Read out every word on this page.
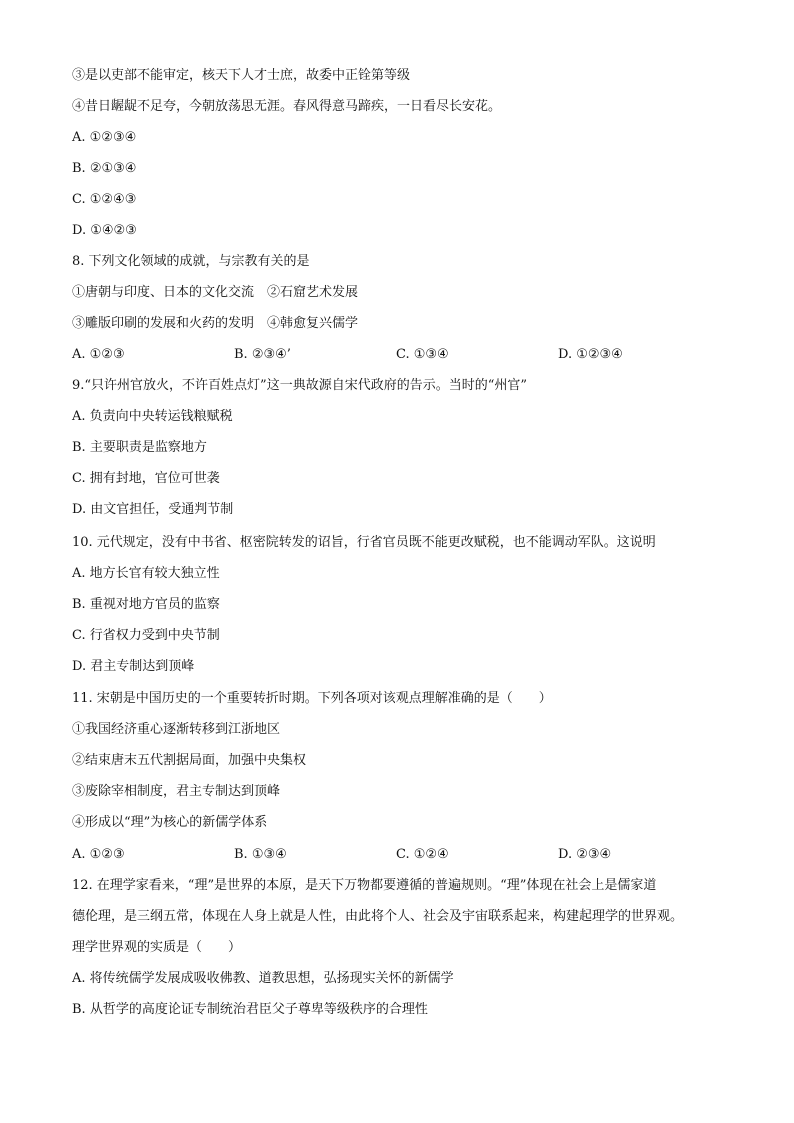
③是以吏部不能审定，核天下人才士庶，故委中正铨第等级
④昔日龌龊不足夸，今朝放荡思无涯。春风得意马蹄疾，一日看尽长安花。
A. ①②③④
B. ②①③④
C. ①②④③
D. ①④②③
8. 下列文化领域的成就，与宗教有关的是
①唐朝与印度、日本的文化交流　②石窟艺术发展
③雕版印刷的发展和火药的发明　④韩愈复兴儒学
A. ①②③	B. ②③④’	C. ①③④	D. ①②③④
9.“只许州官放火，不许百姓点灯”这一典故源自宋代政府的告示。当时的“州官”
A. 负责向中央转运钱粮赋税
B. 主要职责是监察地方
C. 拥有封地，官位可世袭
D. 由文官担任，受通判节制
10. 元代规定，没有中书省、枢密院转发的诏旨，行省官员既不能更改赋税，也不能调动军队。这说明
A. 地方长官有较大独立性
B. 重视对地方官员的监察
C. 行省权力受到中央节制
D. 君主专制达到顶峰
11. 宋朝是中国历史的一个重要转折时期。下列各项对该观点理解准确的是（　　）
①我国经济重心逐渐转移到江浙地区
②结束唐末五代割据局面，加强中央集权
③废除宰相制度，君主专制达到顶峰
④形成以“理”为核心的新儒学体系
A. ①②③	B. ①③④	C. ①②④	D. ②③④
12. 在理学家看来，“理”是世界的本原，是天下万物都要遵循的普遍规则。“理”体现在社会上是儒家道
德伦理，是三纲五常，体现在人身上就是人性，由此将个人、社会及宇宙联系起来，构建起理学的世界观。
理学世界观的实质是（　　）
A. 将传统儒学发展成吸收佛教、道教思想，弘扬现实关怀的新儒学
B. 从哲学的高度论证专制统治君臣父子尊卑等级秩序的合理性
